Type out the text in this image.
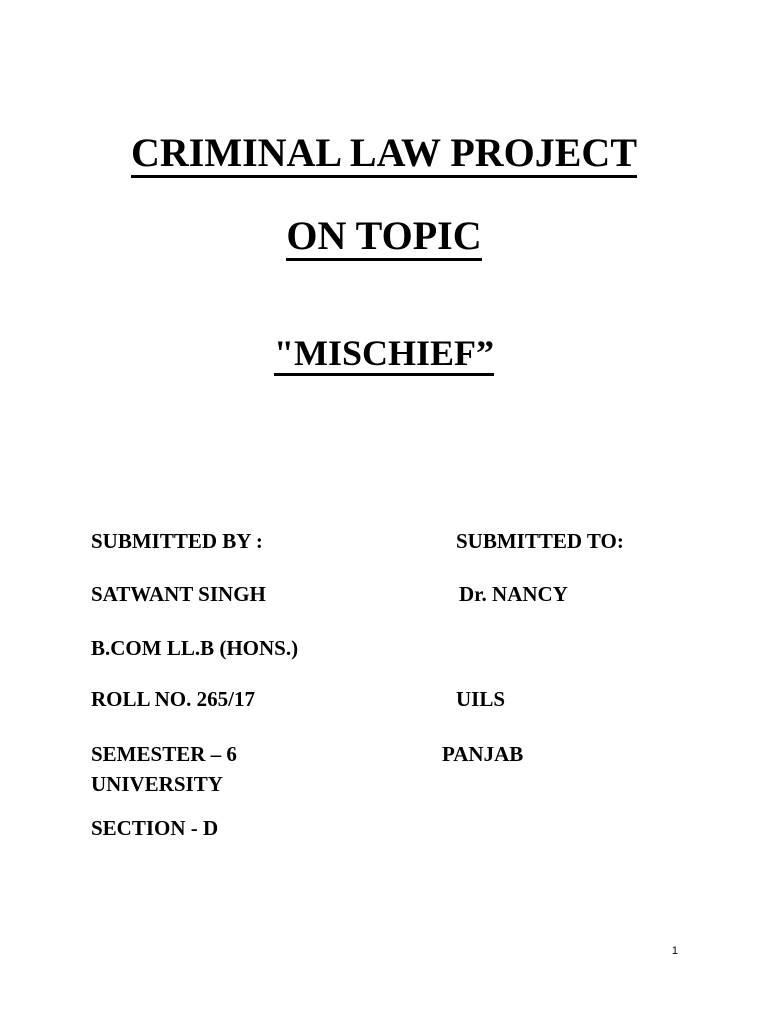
CRIMINAL LAW PROJECT
ON TOPIC
"MISCHIEF”
SUBMITTED BY :
SATWANT SINGH
B.COM LL.B (HONS.)
ROLL NO. 265/17
SEMESTER – 6
UNIVERSITY
SECTION - D
SUBMITTED TO:
Dr. NANCY
UILS
PANJAB
1
